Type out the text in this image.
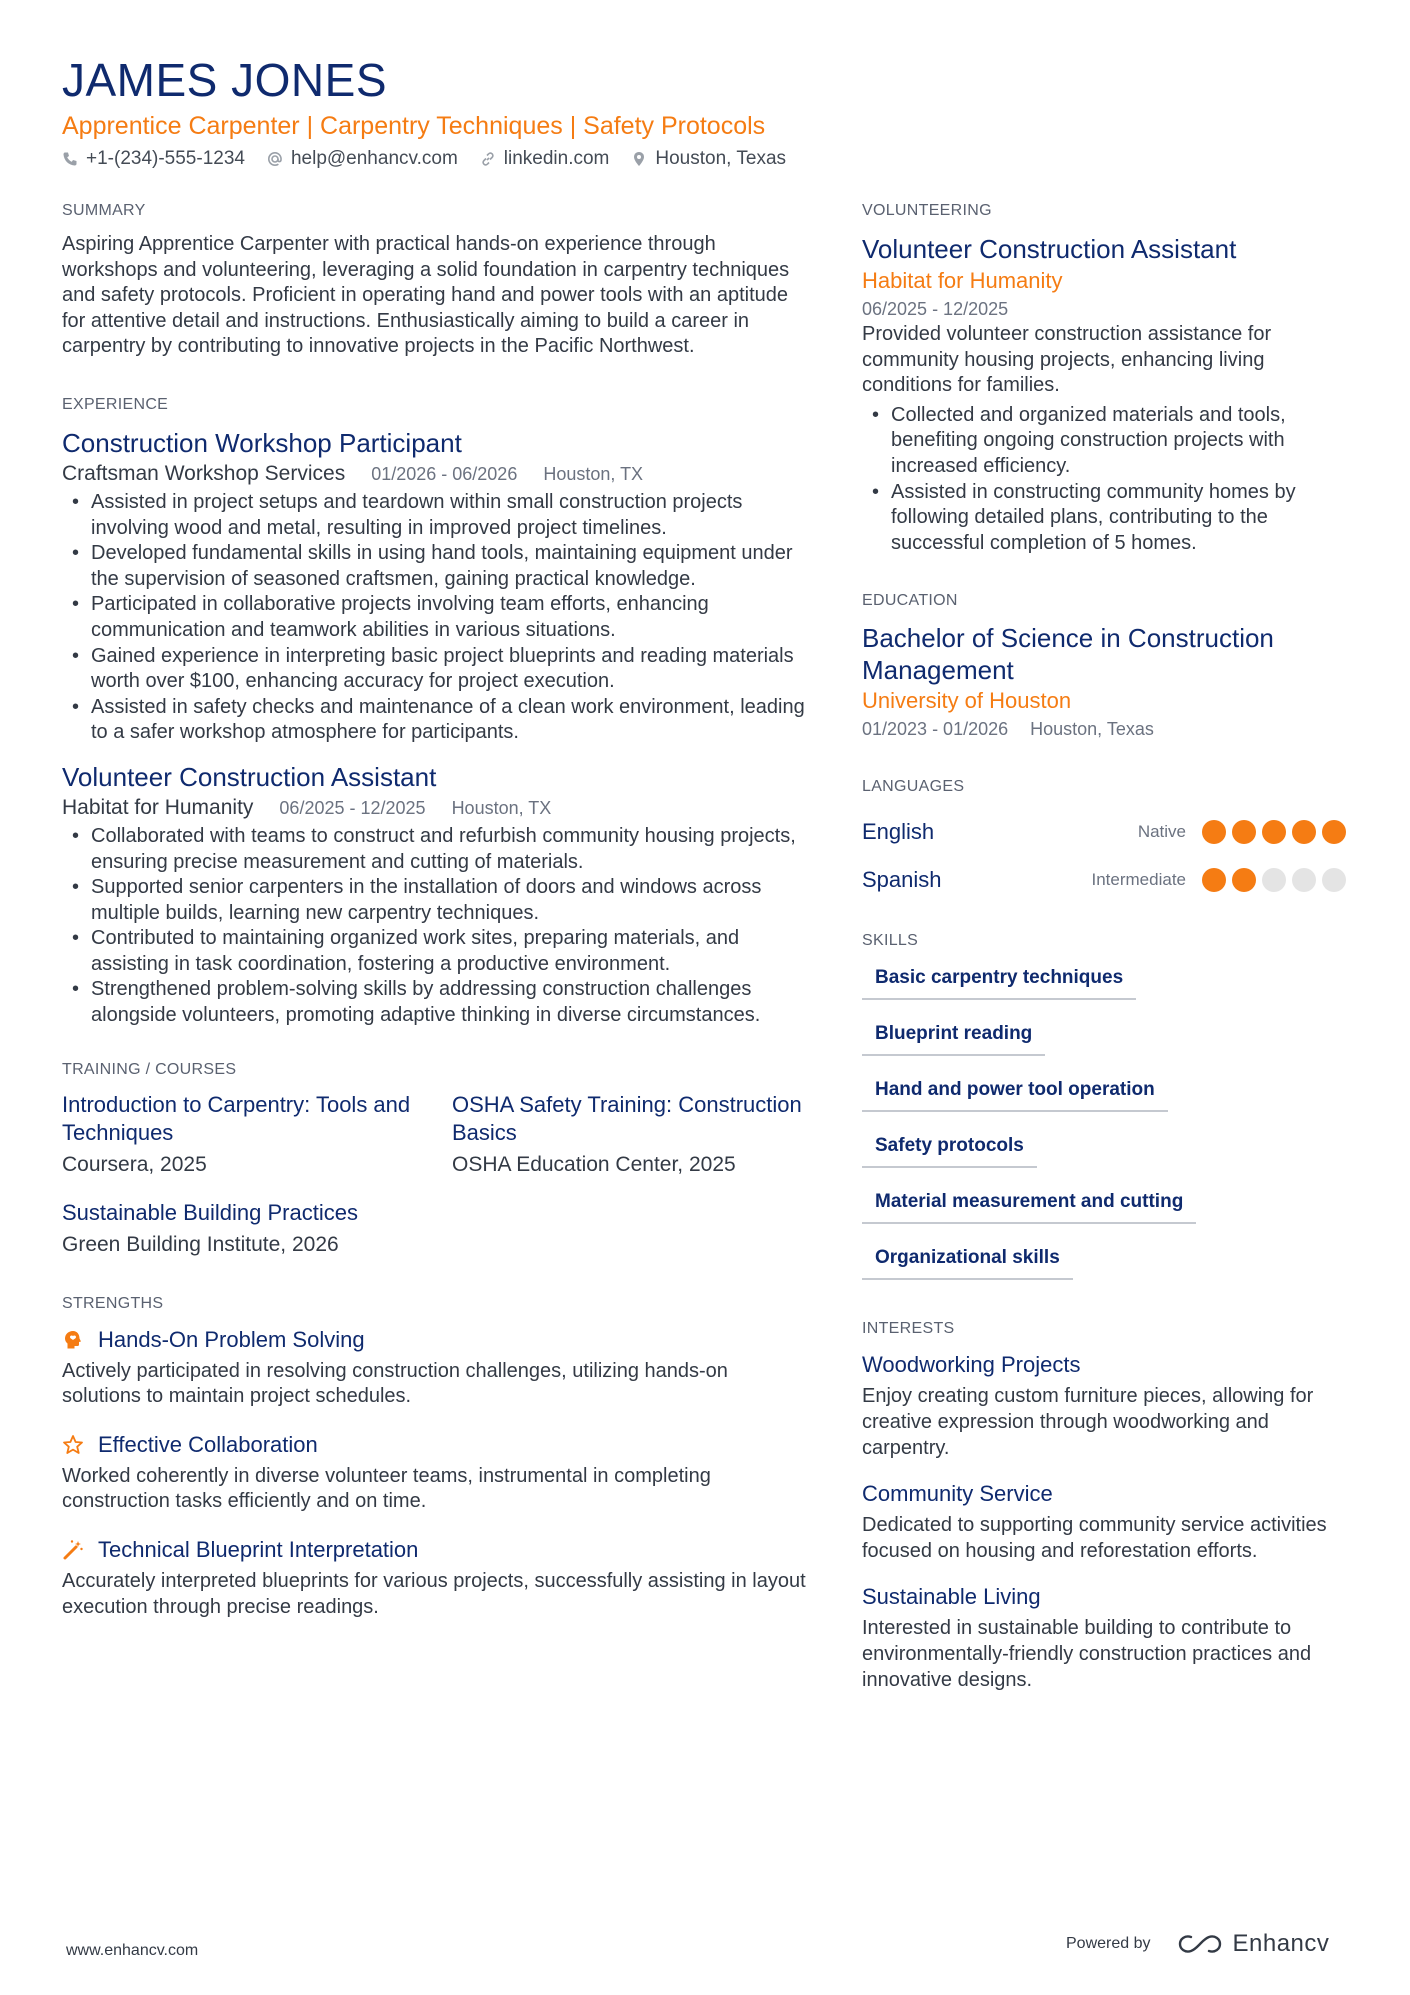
JAMES JONES
Apprentice Carpenter | Carpentry Techniques | Safety Protocols
+1-(234)-555-1234 help@enhancv.com linkedin.com Houston, Texas
SUMMARY
Aspiring Apprentice Carpenter with practical hands-on experience through workshops and volunteering, leveraging a solid foundation in carpentry techniques and safety protocols. Proficient in operating hand and power tools with an aptitude for attentive detail and instructions. Enthusiastically aiming to build a career in carpentry by contributing to innovative projects in the Pacific Northwest.
EXPERIENCE
Construction Workshop Participant
Craftsman Workshop Services 01/2026 - 06/2026 Houston, TX
• Assisted in project setups and teardown within small construction projects involving wood and metal, resulting in improved project timelines.
• Developed fundamental skills in using hand tools, maintaining equipment under the supervision of seasoned craftsmen, gaining practical knowledge.
• Participated in collaborative projects involving team efforts, enhancing communication and teamwork abilities in various situations.
• Gained experience in interpreting basic project blueprints and reading materials worth over $100, enhancing accuracy for project execution.
• Assisted in safety checks and maintenance of a clean work environment, leading to a safer workshop atmosphere for participants.
Volunteer Construction Assistant
Habitat for Humanity 06/2025 - 12/2025 Houston, TX
• Collaborated with teams to construct and refurbish community housing projects, ensuring precise measurement and cutting of materials.
• Supported senior carpenters in the installation of doors and windows across multiple builds, learning new carpentry techniques.
• Contributed to maintaining organized work sites, preparing materials, and assisting in task coordination, fostering a productive environment.
• Strengthened problem-solving skills by addressing construction challenges alongside volunteers, promoting adaptive thinking in diverse circumstances.
TRAINING / COURSES
Introduction to Carpentry: Tools and Techniques
Coursera, 2025
OSHA Safety Training: Construction Basics
OSHA Education Center, 2025
Sustainable Building Practices
Green Building Institute, 2026
STRENGTHS
Hands-On Problem Solving
Actively participated in resolving construction challenges, utilizing hands-on solutions to maintain project schedules.
Effective Collaboration
Worked coherently in diverse volunteer teams, instrumental in completing construction tasks efficiently and on time.
Technical Blueprint Interpretation
Accurately interpreted blueprints for various projects, successfully assisting in layout execution through precise readings.
VOLUNTEERING
Volunteer Construction Assistant
Habitat for Humanity
06/2025 - 12/2025
Provided volunteer construction assistance for community housing projects, enhancing living conditions for families.
• Collected and organized materials and tools, benefiting ongoing construction projects with increased efficiency.
• Assisted in constructing community homes by following detailed plans, contributing to the successful completion of 5 homes.
EDUCATION
Bachelor of Science in Construction Management
University of Houston
01/2023 - 01/2026 Houston, Texas
LANGUAGES
English	Native
Spanish	Intermediate
SKILLS
Basic carpentry techniques
Blueprint reading
Hand and power tool operation
Safety protocols
Material measurement and cutting
Organizational skills
INTERESTS
Woodworking Projects
Enjoy creating custom furniture pieces, allowing for creative expression through woodworking and carpentry.
Community Service
Dedicated to supporting community service activities focused on housing and reforestation efforts.
Sustainable Living
Interested in sustainable building to contribute to environmentally-friendly construction practices and innovative designs.
www.enhancv.com	Powered by	Enhancv
